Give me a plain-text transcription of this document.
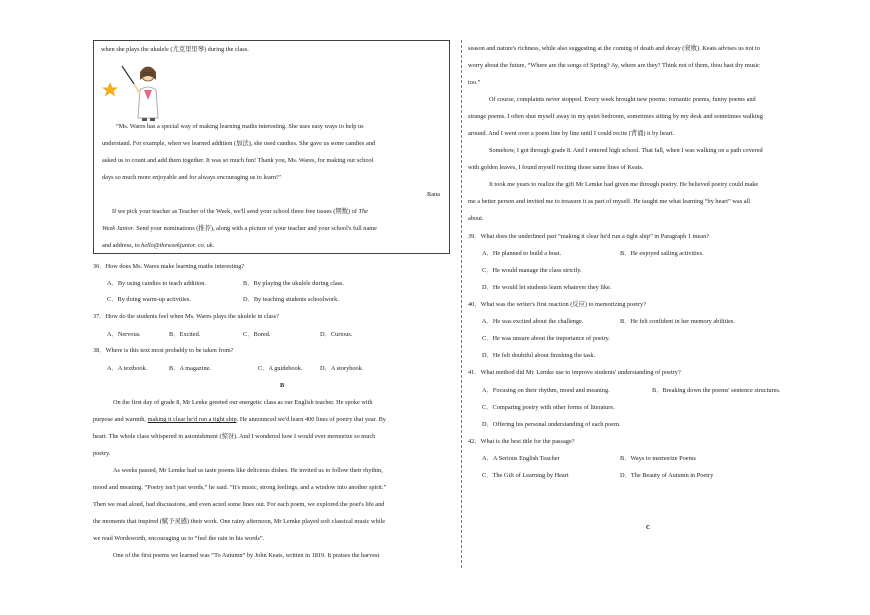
when she plays the ukulele (尤克里里琴) during the class.
“Ms. Wares has a special way of making learning maths interesting. She uses easy ways to help us
understand. For example, when we learned addition (加法), she used candies. She gave us some candies and
asked us to count and add them together. It was so much fun! Thank you, Ms. Wares, for making our school
days so much more enjoyable and for always encouraging us to learn!”
Rana
If we pick your teacher as Teacher of the Week, we'll send your school three free issues (期数) of The
Week Junior. Send your nominations (推荐), along with a picture of your teacher and your school's full name
and address, to hello@theweekjunior. co. uk.
36．How does Ms. Wares make learning maths interesting?
A．By using candies to teach addition.	B．By playing the ukulele during class.
C．By doing warm-up activities.	D．By teaching students schoolwork.
37．How do the students feel when Ms. Wares plays the ukulele in class?
A．Nervous.	B．Excited.	C．Bored.	D．Curious.
38．Where is this text most probably to be taken from?
A．A textbook.	B．A magazine.	C．A guidebook.	D．A storybook.
B
On the first day of grade 8, Mr Lenke greeted our energetic class as our English teacher. He spoke with
purpose and warmth, making it clear he'd run a tight ship. He announced we'd learn 400 lines of poetry that year. By
heart. The whole class whispered in astonishment (惊讶). And I wondered how I would ever memorize so much
poetry.
As weeks passed, Mr Lemke had us taste poems like delicious dishes. He invited us to follow their rhythm,
mood and meaning. “Poetry isn't just words,” he said. “It's music, strong feelings, and a window into another spirit.”
Then we read aloud, had discussions, and even acted some lines out. For each poem, we explored the poet's life and
the moments that inspired (赋予灵感) their work. One rainy afternoon, Mr Lemke played soft classical music while
we read Wordsworth, encouraging us to “feel the rain in his words”.
One of the first poems we learned was “To Autumn” by John Keats, written in 1819. It praises the harvest
season and nature's richness, while also suggesting at the coming of death and decay (衰败). Keats advises us not to
worry about the future, “Where are the songs of Spring? Ay, where are they? Think not of them, thou hast thy music
too.”
Of course, complaints never stopped. Every week brought new poems: romantic poems, funny poems and
strange poems. I often shut myself away in my quiet bedroom, sometimes sitting by my desk and sometimes walking
around. And I went over a poem line by line until I could recite (背诵) it by heart.
Somehow, I got through grade 8. And I entered high school. That fall, when I was walking on a path covered
with golden leaves, I found myself reciting those same lines of Keats.
It took me years to realize the gift Mr Lemke had given me through poetry. He believed poetry could make
me a better person and invited me to treasure it as part of myself. He taught me what learning “by heart” was all
about.
39．What does the underlined part “making it clear he'd run a tight ship” in Paragraph 1 mean?
A．He planned to build a boat.	B．He enjoyed sailing activities.
C．He would manage the class strictly.
D．He would let students learn whatever they like.
40．What was the writer's first reaction (反应) to memorizing poetry?
A．He was excited about the challenge.	B．He felt confident in her memory abilities.
C．He was unsure about the importance of poetry.
D．He felt doubtful about finishing the task.
41．What method did Mr. Lemke use to improve students' understanding of poetry?
A．Focusing on their rhythm, mood and meaning.	B．Breaking down the poems' sentence structures.
C．Comparing poetry with other forms of literature.
D．Offering his personal understanding of each poem.
42．What is the best title for the passage?
A．A Serious English Teacher	B．Ways to memorize Poems
C．The Gift of Learning by Heart	D．The Beauty of Autumn in Poetry
C
